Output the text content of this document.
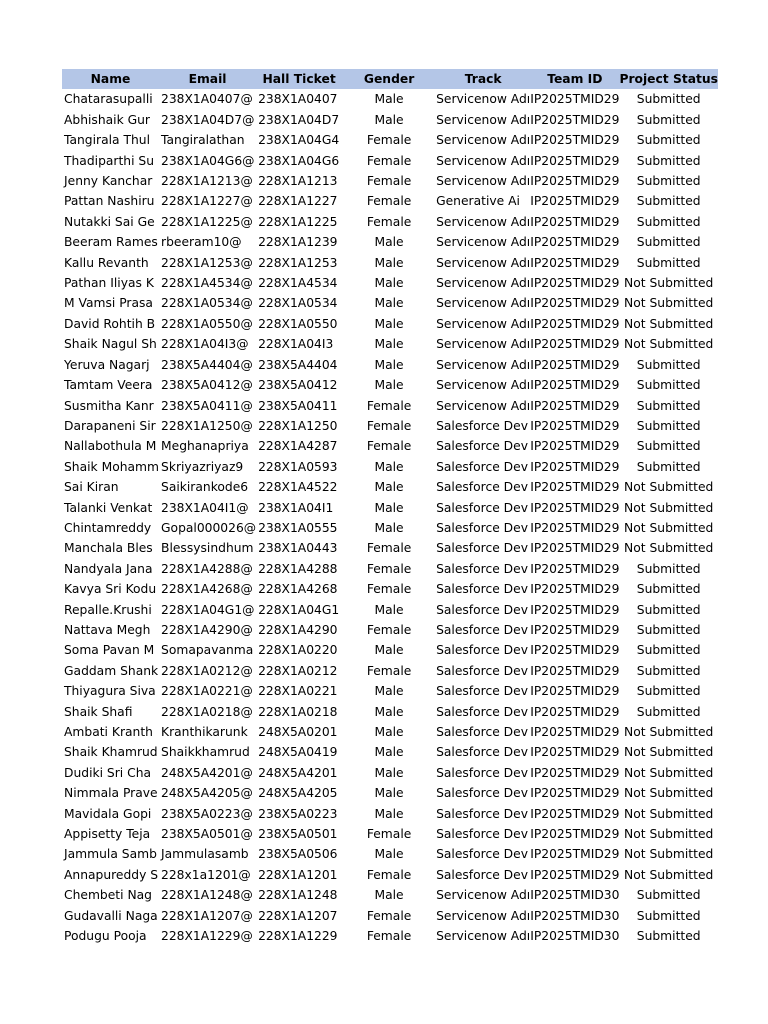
Name	Email	Hall Ticket	Gender	Track	Team ID	Project Status
Chatarasupalli	238X1A0407@	238X1A0407	Male	Servicenow Adı	IP2025TMID29	Submitted
Abhishaik Gur	238X1A04D7@	238X1A04D7	Male	Servicenow Adı	IP2025TMID29	Submitted
Tangirala Thul	Tangiralathan	238X1A04G4	Female	Servicenow Adı	IP2025TMID29	Submitted
Thadiparthi Su	238X1A04G6@	238X1A04G6	Female	Servicenow Adı	IP2025TMID29	Submitted
Jenny Kanchar	228X1A1213@	228X1A1213	Female	Servicenow Adı	IP2025TMID29	Submitted
Pattan Nashiru	228X1A1227@	228X1A1227	Female	Generative Ai	IP2025TMID29	Submitted
Nutakki Sai Ge	228X1A1225@	228X1A1225	Female	Servicenow Adı	IP2025TMID29	Submitted
Beeram Rames	rbeeram10@	228X1A1239	Male	Servicenow Adı	IP2025TMID29	Submitted
Kallu Revanth	228X1A1253@	228X1A1253	Male	Servicenow Adı	IP2025TMID29	Submitted
Pathan Iliyas K	228X1A4534@	228X1A4534	Male	Servicenow Adı	IP2025TMID29	Not Submitted
M Vamsi Prasa	228X1A0534@	228X1A0534	Male	Servicenow Adı	IP2025TMID29	Not Submitted
David Rohtih B	228X1A0550@	228X1A0550	Male	Servicenow Adı	IP2025TMID29	Not Submitted
Shaik Nagul Sh	228X1A04I3@	228X1A04I3	Male	Servicenow Adı	IP2025TMID29	Not Submitted
Yeruva Nagarj	238X5A4404@	238X5A4404	Male	Servicenow Adı	IP2025TMID29	Submitted
Tamtam Veera	238X5A0412@	238X5A0412	Male	Servicenow Adı	IP2025TMID29	Submitted
Susmitha Kanr	238X5A0411@	238X5A0411	Female	Servicenow Adı	IP2025TMID29	Submitted
Darapaneni Sir	228X1A1250@	228X1A1250	Female	Salesforce Dev	IP2025TMID29	Submitted
Nallabothula M	Meghanapriya	228X1A4287	Female	Salesforce Dev	IP2025TMID29	Submitted
Shaik Mohamm	Skriyazriyaz9	228X1A0593	Male	Salesforce Dev	IP2025TMID29	Submitted
Sai Kiran	Saikirankode6	228X1A4522	Male	Salesforce Dev	IP2025TMID29	Not Submitted
Talanki Venkat	238X1A04I1@	238X1A04I1	Male	Salesforce Dev	IP2025TMID29	Not Submitted
Chintamreddy	Gopal000026@	238X1A0555	Male	Salesforce Dev	IP2025TMID29	Not Submitted
Manchala Bles	Blessysindhum	238X1A0443	Female	Salesforce Dev	IP2025TMID29	Not Submitted
Nandyala Jana	228X1A4288@	228X1A4288	Female	Salesforce Dev	IP2025TMID29	Submitted
Kavya Sri Kodu	228X1A4268@	228X1A4268	Female	Salesforce Dev	IP2025TMID29	Submitted
Repalle.Krushi	228X1A04G1@	228X1A04G1	Male	Salesforce Dev	IP2025TMID29	Submitted
Nattava Megh	228X1A4290@	228X1A4290	Female	Salesforce Dev	IP2025TMID29	Submitted
Soma Pavan M	Somapavanma	228X1A0220	Male	Salesforce Dev	IP2025TMID29	Submitted
Gaddam Shank	228X1A0212@	228X1A0212	Female	Salesforce Dev	IP2025TMID29	Submitted
Thiyagura Siva	228X1A0221@	228X1A0221	Male	Salesforce Dev	IP2025TMID29	Submitted
Shaik Shafi	228X1A0218@	228X1A0218	Male	Salesforce Dev	IP2025TMID29	Submitted
Ambati Kranth	Kranthikarunk	248X5A0201	Male	Salesforce Dev	IP2025TMID29	Not Submitted
Shaik Khamrud	Shaikkhamrud	248X5A0419	Male	Salesforce Dev	IP2025TMID29	Not Submitted
Dudiki Sri Cha	248X5A4201@	248X5A4201	Male	Salesforce Dev	IP2025TMID29	Not Submitted
Nimmala Prave	248X5A4205@	248X5A4205	Male	Salesforce Dev	IP2025TMID29	Not Submitted
Mavidala Gopi	238X5A0223@	238X5A0223	Male	Salesforce Dev	IP2025TMID29	Not Submitted
Appisetty Teja	238X5A0501@	238X5A0501	Female	Salesforce Dev	IP2025TMID29	Not Submitted
Jammula Samb	Jammulasamb	238X5A0506	Male	Salesforce Dev	IP2025TMID29	Not Submitted
Annapureddy S	228x1a1201@	228X1A1201	Female	Salesforce Dev	IP2025TMID29	Not Submitted
Chembeti Nag	228X1A1248@	228X1A1248	Male	Servicenow Adı	IP2025TMID30	Submitted
Gudavalli Naga	228X1A1207@	228X1A1207	Female	Servicenow Adı	IP2025TMID30	Submitted
Podugu Pooja	228X1A1229@	228X1A1229	Female	Servicenow Adı	IP2025TMID30	Submitted
